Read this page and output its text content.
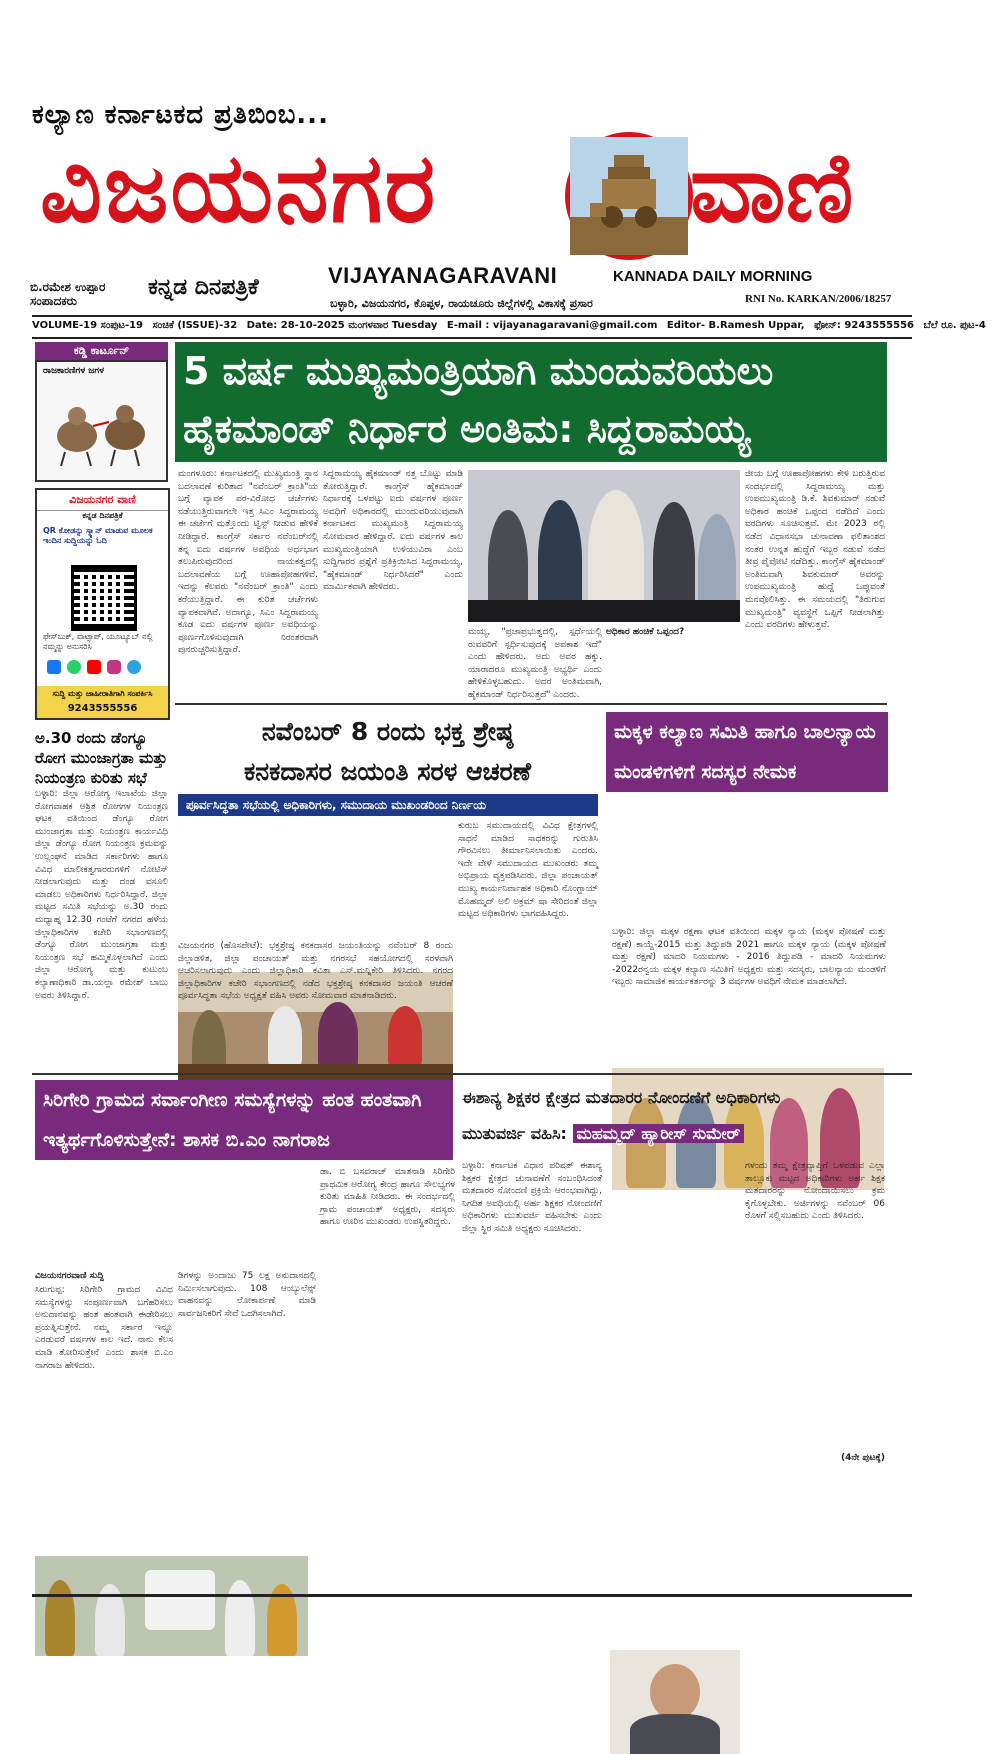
ಕಲ್ಯಾಣ ಕರ್ನಾಟಕದ ಪ್ರತಿಬಿಂಬ...
ವಿಜಯನಗರ	ವಾಣಿ
ಬಿ.ರಮೇಶ ಉಪ್ಪಾರ
ಸಂಪಾದಕರು
ಕನ್ನಡ ದಿನಪತ್ರಿಕೆ	VIJAYANAGARAVANI	KANNADA DAILY MORNING
ಬಳ್ಳಾರಿ, ವಿಜಯನಗರ, ಕೊಪ್ಪಳ, ರಾಯಚೂರು ಜಿಲ್ಲೆಗಳಲ್ಲಿ ವಿಕಾಸಕ್ಕೆ ಪ್ರಸಾರ	RNI No. KARKAN/2006/18257
VOLUME-19 ಸಂಪುಟ-19 ಸಂಚಿಕೆ (ISSUE)-32 Date: 28-10-2025 ಮಂಗಳವಾರ Tuesday E-mail : vijayanagaravani@gmail.com Editor- B.Ramesh Uppar, ಫೋನ್: 9243555556 ಬೆಲೆ ರೂ. ಪುಟ-4
ಕಡ್ಡಿ ಕಾರ್ಟೂನ್
ರಾಜಕಾರಣಿಗಳ ಜಗಳ
ವಿಜಯನಗರ ವಾಣಿ
ಕನ್ನಡ ದಿನಪತ್ರಿಕೆ
QR ಕೋಡನ್ನು ಸ್ಕ್ಯಾನ್ ಮಾಡುವ ಮೂಲಕ ಇಂದಿನ ಸುದ್ದಿಯನ್ನು ಓದಿ
ಫೇಸ್‌ಬುಕ್, ವಾಟ್ಸಾಪ್, ಯೂಟ್ಯೂಬ್ ನಲ್ಲಿ ನಮ್ಮನ್ನು ಅನುಸರಿಸಿ
ಸುದ್ದಿ ಮತ್ತು ಜಾಹೀರಾತಿಗಾಗಿ ಸಂಪರ್ಕಿಸಿ
9243555556
ಅ.30 ರಂದು ಡೆಂಗ್ಯೂ ರೋಗ ಮುಂಜಾಗ್ರತಾ ಮತ್ತು ನಿಯಂತ್ರಣ ಕುರಿತು ಸಭೆ
ಬಳ್ಳಾರಿ: ಜಿಲ್ಲಾ ಆರೋಗ್ಯ ಇಲಾಖೆಯ ಜಿಲ್ಲಾ ರೋಗವಾಹಕ ಆಶ್ರಿತ ರೋಗಗಳ ನಿಯಂತ್ರಣ ಘಟಕ ವತಿಯಿಂದ ಡೆಂಗ್ಯೂ ರೋಗ ಮುಂಜಾಗ್ರತಾ ಮತ್ತು ನಿಯಂತ್ರಣ ಕಾರ್ಯವಿಧಿ ಜಿಲ್ಲಾ ಡೆಂಗ್ಯೂ ರೋಗ ನಿಯಂತ್ರಣ ಕ್ರಮವನ್ನು ಉಲ್ಲಂಘನೆ ಮಾಡಿದ ಸರ್ಕಾರಿಗಳು ಹಾಗೂ ವಿವಿಧ ಮಾಲೀಕತ್ವಗಾರರುಗಳಿಗೆ ನೋಟಿಸ್ ನೀಡಲಾಗುವುದು ಮತ್ತು ದಂಡ ವಸೂಲಿ ಮಾಡಲು ಅಧಿಕಾರಿಗಳು ನಿರ್ಧರಿಸಿದ್ದಾರೆ. ಜಿಲ್ಲಾ ಮಟ್ಟದ ಸಮಿತಿ ಸಭೆಯನ್ನು ಅ.30 ರಂದು ಮಧ್ಯಾಹ್ನ 12.30 ಗಂಟೆಗೆ ನಗರದ ಹಳೆಯ ಜಿಲ್ಲಾಧಿಕಾರಿಗಳ ಕಚೇರಿ ಸಭಾಂಗಣದಲ್ಲಿ ಡೆಂಗ್ಯೂ ರೋಗ ಮುಂಜಾಗ್ರತಾ ಮತ್ತು ನಿಯಂತ್ರಣ ಸಭೆ ಹಮ್ಮಿಕೊಳ್ಳಲಾಗಿದೆ ಎಂದು ಜಿಲ್ಲಾ ಆರೋಗ್ಯ ಮತ್ತು ಕುಟುಂಬ ಕಲ್ಯಾಣಾಧಿಕಾರಿ ಡಾ.ಯಲ್ಲಾ ರಮೇಶ್ ಬಾಬು ಅವರು ತಿಳಿಸಿದ್ದಾರೆ.
5 ವರ್ಷ ಮುಖ್ಯಮಂತ್ರಿಯಾಗಿ ಮುಂದುವರಿಯಲು
ಹೈಕಮಾಂಡ್ ನಿರ್ಧಾರ ಅಂತಿಮ: ಸಿದ್ದರಾಮಯ್ಯ
ಮಂಗಳೂರು: ಕರ್ನಾಟಕದಲ್ಲಿ ಮುಖ್ಯಮಂತ್ರಿ ಸ್ಥಾನ ಬದಲಾವಣೆ ಕುರಿತಾದ "ನವೆಂಬರ್ ಕ್ರಾಂತಿ"ಯ ಬಗ್ಗೆ ವ್ಯಾಪಕ ಪರ-ವಿರೋಧ ಚರ್ಚೆಗಳು ನಡೆಯುತ್ತಿರುವಾಗಲೇ ಇತ್ತ ಸಿಎಂ ಸಿದ್ದರಾಮಯ್ಯ ಈ ಚರ್ಚೆಗೆ ಮತ್ತೊಂದು ಟ್ವಿಸ್ಟ್ ನೀಡುವ ಹೇಳಿಕೆ ನೀಡಿದ್ದಾರೆ. ಕಾಂಗ್ರೆಸ್ ಸರ್ಕಾರ ನವೆಂಬರ್‌ನಲ್ಲಿ ತನ್ನ ಐದು ವರ್ಷಗಳ ಅವಧಿಯ ಅರ್ಧಭಾಗ ತಲುಪಿರುವುದರಿಂದ ನಾಯಕತ್ವದಲ್ಲಿ ಬದಲಾವಣೆಯ ಬಗ್ಗೆ ಊಹಾಪೋಹಗಳಿವೆ. ಇದನ್ನು ಕೆಲವರು "ನವೆಂಬರ್ ಕ್ರಾಂತಿ" ಎಂದು ಕರೆಯುತ್ತಿದ್ದಾರೆ. ಈ ಕುರಿತ ಚರ್ಚೆಗಳು ವ್ಯಾಪಕವಾಗಿವೆ. ಅದಾಗ್ಯೂ, ಸಿಎಂ ಸಿದ್ದರಾಮಯ್ಯ ಕೂಡ ಐದು ವರ್ಷಗಳ ಪೂರ್ಣ ಅವಧಿಯನ್ನು ಪೂರ್ಣಗೊಳಿಸುವುದಾಗಿ ನಿರಂತರವಾಗಿ ಪುನರುಚ್ಚರಿಸುತ್ತಿದ್ದಾರೆ.
ಸಿದ್ದರಾಮಯ್ಯ ಹೈಕಮಾಂಡ್ ನತ್ತ ಬೊಟ್ಟು ಮಾಡಿ ತೋರುತ್ತಿದ್ದಾರೆ. ಕಾಂಗ್ರೆಸ್ ಹೈಕಮಾಂಡ್ ನಿರ್ಧಾರಕ್ಕೆ ಒಳಪಟ್ಟು ಐದು ವರ್ಷಗಳ ಪೂರ್ಣ ಅವಧಿಗೆ ಅಧಿಕಾರದಲ್ಲಿ ಮುಂದುವರಿಯುವುದಾಗಿ ಕರ್ನಾಟಕದ ಮುಖ್ಯಮಂತ್ರಿ ಸಿದ್ದರಾಮಯ್ಯ ಸೋಮವಾರ ಹೇಳಿದ್ದಾರೆ. ಐದು ವರ್ಷಗಳ ಕಾಲ ಮುಖ್ಯಮಂತ್ರಿಯಾಗಿ ಉಳಿಯುವಿರಾ ಎಂಬ ಸುದ್ದಿಗಾರರ ಪ್ರಶ್ನೆಗೆ ಪ್ರತಿಕ್ರಿಯಿಸಿದ ಸಿದ್ದರಾಮಯ್ಯ, "ಹೈಕಮಾಂಡ್ ನಿರ್ಧರಿಸಿದರೆ" ಎಂದು ಮಾರ್ಮಿಕವಾಗಿ ಹೇಳಿದರು.
ಮಯ್ಯ, "ಪ್ರಜಾಪ್ರಭುತ್ವದಲ್ಲಿ, ಸ್ಪರ್ಧೆಯಲ್ಲಿ ರುವವರಿಗೆ ಸ್ಪರ್ಧಿಸುವುದಕ್ಕೆ ಅವಕಾಶ ಇದೆ" ಎಂದು ಹೇಳಿದರು. ಅದು ಅವರ ಹಕ್ಕು. ಯಾರಾದರೂ ಮುಖ್ಯಮಂತ್ರಿ ಅಭ್ಯರ್ಥಿ ಎಂದು ಹೇಳಿಕೊಳ್ಳಬಹುದು. ಅದರ ಅಂತಿಮವಾಗಿ, ಹೈಕಮಾಂಡ್ ನಿರ್ಧರಿಸುತ್ತದೆ" ಎಂದರು.
ಅಧಿಕಾರ ಹಂಚಿಕೆ ಒಪ್ಪಂದ?
ಜೀಯ ಬಗ್ಗೆ ಊಹಾಪೋಹಗಳು ಕೇಳಿ ಬರುತ್ತಿರುವ ಸಂದರ್ಭದಲ್ಲಿ ಸಿದ್ದರಾಮಯ್ಯ ಮತ್ತು ಉಪಮುಖ್ಯಮಂತ್ರಿ ಡಿ.ಕೆ. ಶಿವಕುಮಾರ್ ನಡುವೆ ಅಧಿಕಾರ ಹಂಚಿಕೆ ಒಪ್ಪಂದ ನಡೆದಿದೆ ಎಂದು ವರದಿಗಳು ಸೂಚಿಸುತ್ತವೆ. ಮೇ 2023 ರಲ್ಲಿ ನಡೆದ ವಿಧಾನಸಭಾ ಚುನಾವಣಾ ಫಲಿತಾಂಶದ ನಂತರ ಉನ್ನತ ಹುದ್ದೆಗೆ ಇಬ್ಬರ ನಡುವೆ ನಡೆದ ತೀವ್ರ ಪೈಪೋಟಿ ನಡೆದಿತ್ತು. ಕಾಂಗ್ರೆಸ್ ಹೈಕಮಾಂಡ್ ಅಂತಿಮವಾಗಿ ಶಿವಕುಮಾರ್ ಅವರನ್ನು ಉಪಮುಖ್ಯಮಂತ್ರಿ ಹುದ್ದೆ ಒಪ್ಪುವಂತೆ ಮನವೊಲಿಸಿತ್ತು. ಈ ಸಮಯದಲ್ಲಿ "ತಿರುಗುವ ಮುಖ್ಯಮಂತ್ರಿ" ವ್ಯವಸ್ಥೆಗೆ ಒಪ್ಪಿಗೆ ನೀಡಲಾಗಿತ್ತು ಎಂದು ವರದಿಗಳು ಹೇಳುತ್ತವೆ.
ನವೆಂಬರ್ 8 ರಂದು ಭಕ್ತ ಶ್ರೇಷ್ಠ
ಕನಕದಾಸರ ಜಯಂತಿ ಸರಳ ಆಚರಣೆ
ಪೂರ್ವಸಿದ್ಧತಾ ಸಭೆಯಲ್ಲಿ ಅಧಿಕಾರಿಗಳು, ಸಮುದಾಯ ಮುಖಂಡರಿಂದ ನಿರ್ಣಯ
ಕುರುಬ ಸಮುದಾಯದಲ್ಲಿ ವಿವಿಧ ಕ್ಷೇತ್ರಗಳಲ್ಲಿ ಸಾಧನೆ ಮಾಡಿದ ಸಾಧಕರನ್ನು ಗುರುತಿಸಿ ಗೌರವಿಸಲು ತೀರ್ಮಾನಿಸಲಾಯಿತು ಎಂದರು. ಇದೇ ವೇಳೆ ಸಮುದಾಯದ ಮುಖಂಡರು ತಮ್ಮ ಅಭಿಪ್ರಾಯ ವ್ಯಕ್ತಪಡಿಸಿದರು. ಜಿಲ್ಲಾ ಪಂಚಾಯತ್ ಮುಖ್ಯ ಕಾರ್ಯನಿರ್ವಾಹಕ ಅಧಿಕಾರಿ ನೊಂಗ್ಜಾಯ್ ಮೊಹಮ್ಮದ್ ಅಲಿ ಅಕ್ರಮ್ ಷಾ ಸೇರಿದಂತೆ ಜಿಲ್ಲಾ ಮಟ್ಟದ ಅಧಿಕಾರಿಗಳು ಭಾಗವಹಿಸಿದ್ದರು.
ವಿಜಯನಗರ (ಹೊಸಪೇಟೆ): ಭಕ್ತಶ್ರೇಷ್ಠ ಕನಕದಾಸರ ಜಯಂತಿಯನ್ನು ನವೆಂಬರ್ 8 ರಂದು ಜಿಲ್ಲಾಡಳಿತ, ಜಿಲ್ಲಾ ಪಂಚಾಯತ್ ಮತ್ತು ನಗರಸಭೆ ಸಹಯೋಗದಲ್ಲಿ ಸರಳವಾಗಿ ಆಚರಿಸಲಾಗುವುದು ಎಂದು ಜಿಲ್ಲಾಧಿಕಾರಿ ಕವಿತಾ ಎಸ್.ಮನ್ನಿಕೇರಿ ತಿಳಿಸಿದರು. ನಗರದ ಜಿಲ್ಲಾಧಿಕಾರಿಗಳ ಕಚೇರಿ ಸಭಾಂಗಣದಲ್ಲಿ ನಡೆದ ಭಕ್ತಶ್ರೇಷ್ಠ ಕನಕದಾಸರ ಜಯಂತಿ ಆಚರಣೆ ಪೂರ್ವಸಿದ್ಧತಾ ಸಭೆಯ ಅಧ್ಯಕ್ಷತೆ ವಹಿಸಿ ಅವರು ಸೋಮವಾರ ಮಾತನಾಡಿದರು.
ಮಕ್ಕಳ ಕಲ್ಯಾಣ ಸಮಿತಿ ಹಾಗೂ ಬಾಲನ್ಯಾಯ
ಮಂಡಳಿಗಳಿಗೆ ಸದಸ್ಯರ ನೇಮಕ
ಬಳ್ಳಾರಿ: ಜಿಲ್ಲಾ ಮಕ್ಕಳ ರಕ್ಷಣಾ ಘಟಕ ವತಿಯಿಂದ ಮಕ್ಕಳ ನ್ಯಾಯ (ಮಕ್ಕಳ ಪೋಷಣೆ ಮತ್ತು ರಕ್ಷಣೆ) ಕಾಯ್ದೆ-2015 ಮತ್ತು ತಿದ್ದುಪಡಿ 2021 ಹಾಗೂ ಮಕ್ಕಳ ನ್ಯಾಯ (ಮಕ್ಕಳ ಪೋಷಣೆ ಮತ್ತು ರಕ್ಷಣೆ) ಮಾದರಿ ನಿಯಮಗಳು - 2016 ತಿದ್ದುಪಡಿ - ಮಾದರಿ ನಿಯಮಗಳು -2022ರನ್ವಯ ಮಕ್ಕಳ ಕಲ್ಯಾಣ ಸಮಿತಿಗೆ ಅಧ್ಯಕ್ಷರು ಮತ್ತು ಸದಸ್ಯರು, ಬಾಲನ್ಯಾಯ ಮಂಡಳಿಗೆ ಇಬ್ಬರು ಸಾಮಾಜಿಕ ಕಾರ್ಯಕರ್ತರನ್ನು 3 ವರ್ಷಗಳ ಅವಧಿಗೆ ನೇಮಕ ಮಾಡಲಾಗಿದೆ.
ಸಿರಿಗೇರಿ ಗ್ರಾಮದ ಸರ್ವಾಂಗೀಣ ಸಮಸ್ಯೆಗಳನ್ನು ಹಂತ ಹಂತವಾಗಿ
ಇತ್ಯರ್ಥಗೊಳಿಸುತ್ತೇನೆ: ಶಾಸಕ ಬಿ.ಎಂ ನಾಗರಾಜ
ವಿಜಯನಗರವಾಣಿ ಸುದ್ದಿ
ಸಿರುಗುಪ್ಪ: ಸಿರಿಗೇರಿ ಗ್ರಾಮದ ವಿವಿಧ ಸಮಸ್ಯೆಗಳನ್ನು ಸಂಪೂರ್ಣವಾಗಿ ಬಗೆಹರಿಸಲು ಅನುದಾನವನ್ನು ಹಂತ ಹಂತವಾಗಿ ಈಡೇರಿಸಲು ಪ್ರಯತ್ನಿಸುತ್ತೇನೆ. ನಮ್ಮ ಸರ್ಕಾರ ಇನ್ನೂ ಎರಡುವರೆ ವರ್ಷಗಳ ಕಾಲ ಇದೆ. ನಾನು ಕೆಲಸ ಮಾಡಿ ತೋರಿಸುತ್ತೇನೆ ಎಂದು ಶಾಸಕ ಬಿ.ಎಂ ನಾಗರಾಜ ಹೇಳಿದರು.
ಡಿಗಳನ್ನು ಅಂದಾಜು 75 ಲಕ್ಷ ಅನುದಾನದಲ್ಲಿ ನಿರ್ಮಿಸಲಾಗುವುದು. 108 ಆಂಬ್ಯುಲೆನ್ಸ್ ವಾಹನವನ್ನು ಲೋಕಾರ್ಪಣೆ ಮಾಡಿ ಸಾರ್ವಜನಿಕರಿಗೆ ಸೇವೆ ಒದಗಿಸಲಾಗಿದೆ.
ಡಾ. ಬಿ ಬಸವರಾಜ್ ಮಾತನಾಡಿ ಸಿರಿಗೇರಿ ಪ್ರಾಥಮಿಕ ಆರೋಗ್ಯ ಕೇಂದ್ರ ಹಾಗೂ ಸೌಲಭ್ಯಗಳ ಕುರಿತು ಮಾಹಿತಿ ನೀಡಿದರು. ಈ ಸಂದರ್ಭದಲ್ಲಿ ಗ್ರಾಮ ಪಂಚಾಯತ್ ಅಧ್ಯಕ್ಷರು, ಸದಸ್ಯರು ಹಾಗೂ ಊರಿನ ಮುಖಂಡರು ಉಪಸ್ಥಿತರಿದ್ದರು.
ಈಶಾನ್ಯ ಶಿಕ್ಷಕರ ಕ್ಷೇತ್ರದ ಮತದಾರರ ನೋಂದಣಿಗೆ ಅಧಿಕಾರಿಗಳು
ಮುತುವರ್ಜಿ ವಹಿಸಿ: ಮಹಮ್ಮದ್ ಹ್ಯಾರೀಸ್ ಸುಮೇರ್
ಬಳ್ಳಾರಿ: ಕರ್ನಾಟಕ ವಿಧಾನ ಪರಿಷತ್ ಈಶಾನ್ಯ ಶಿಕ್ಷಕರ ಕ್ಷೇತ್ರದ ಚುನಾವಣೆಗೆ ಸಂಬಂಧಿಸಿದಂತೆ ಮತದಾರರ ನೋಂದಣಿ ಪ್ರಕ್ರಿಯೆ ಆರಂಭವಾಗಿದ್ದು, ನಿಗದಿತ ಅವಧಿಯಲ್ಲಿ ಅರ್ಹ ಶಿಕ್ಷಕರ ನೋಂದಣಿಗೆ ಅಧಿಕಾರಿಗಳು ಮುತುವರ್ಜಿ ವಹಿಸಬೇಕು ಎಂದು ಜಿಲ್ಲಾ ಸ್ಥಿರ ಸಮಿತಿ ಅಧ್ಯಕ್ಷರು ಸೂಚಿಸಿದರು.
ಗಳಂದು ತಮ್ಮ ಕ್ಷೇತ್ರವ್ಯಾಪ್ತಿಗೆ ಒಳಪಡುವ ಎಲ್ಲಾ ತಾಲ್ಲೂಕು ಮಟ್ಟದ ಅಧಿಕಾರಿಗಳು ಅರ್ಹ ಶಿಕ್ಷಕ ಮತದಾರರನ್ನು ನೋಂದಾಯಿಸಲು ಕ್ರಮ ಕೈಗೊಳ್ಳಬೇಕು. ಅರ್ಜಿಗಳನ್ನು ನವೆಂಬರ್ 06 ರೊಳಗೆ ಸಲ್ಲಿಸಬಹುದು ಎಂದು ತಿಳಿಸಿದರು.
(4ನೇ ಪುಟಕ್ಕೆ)
